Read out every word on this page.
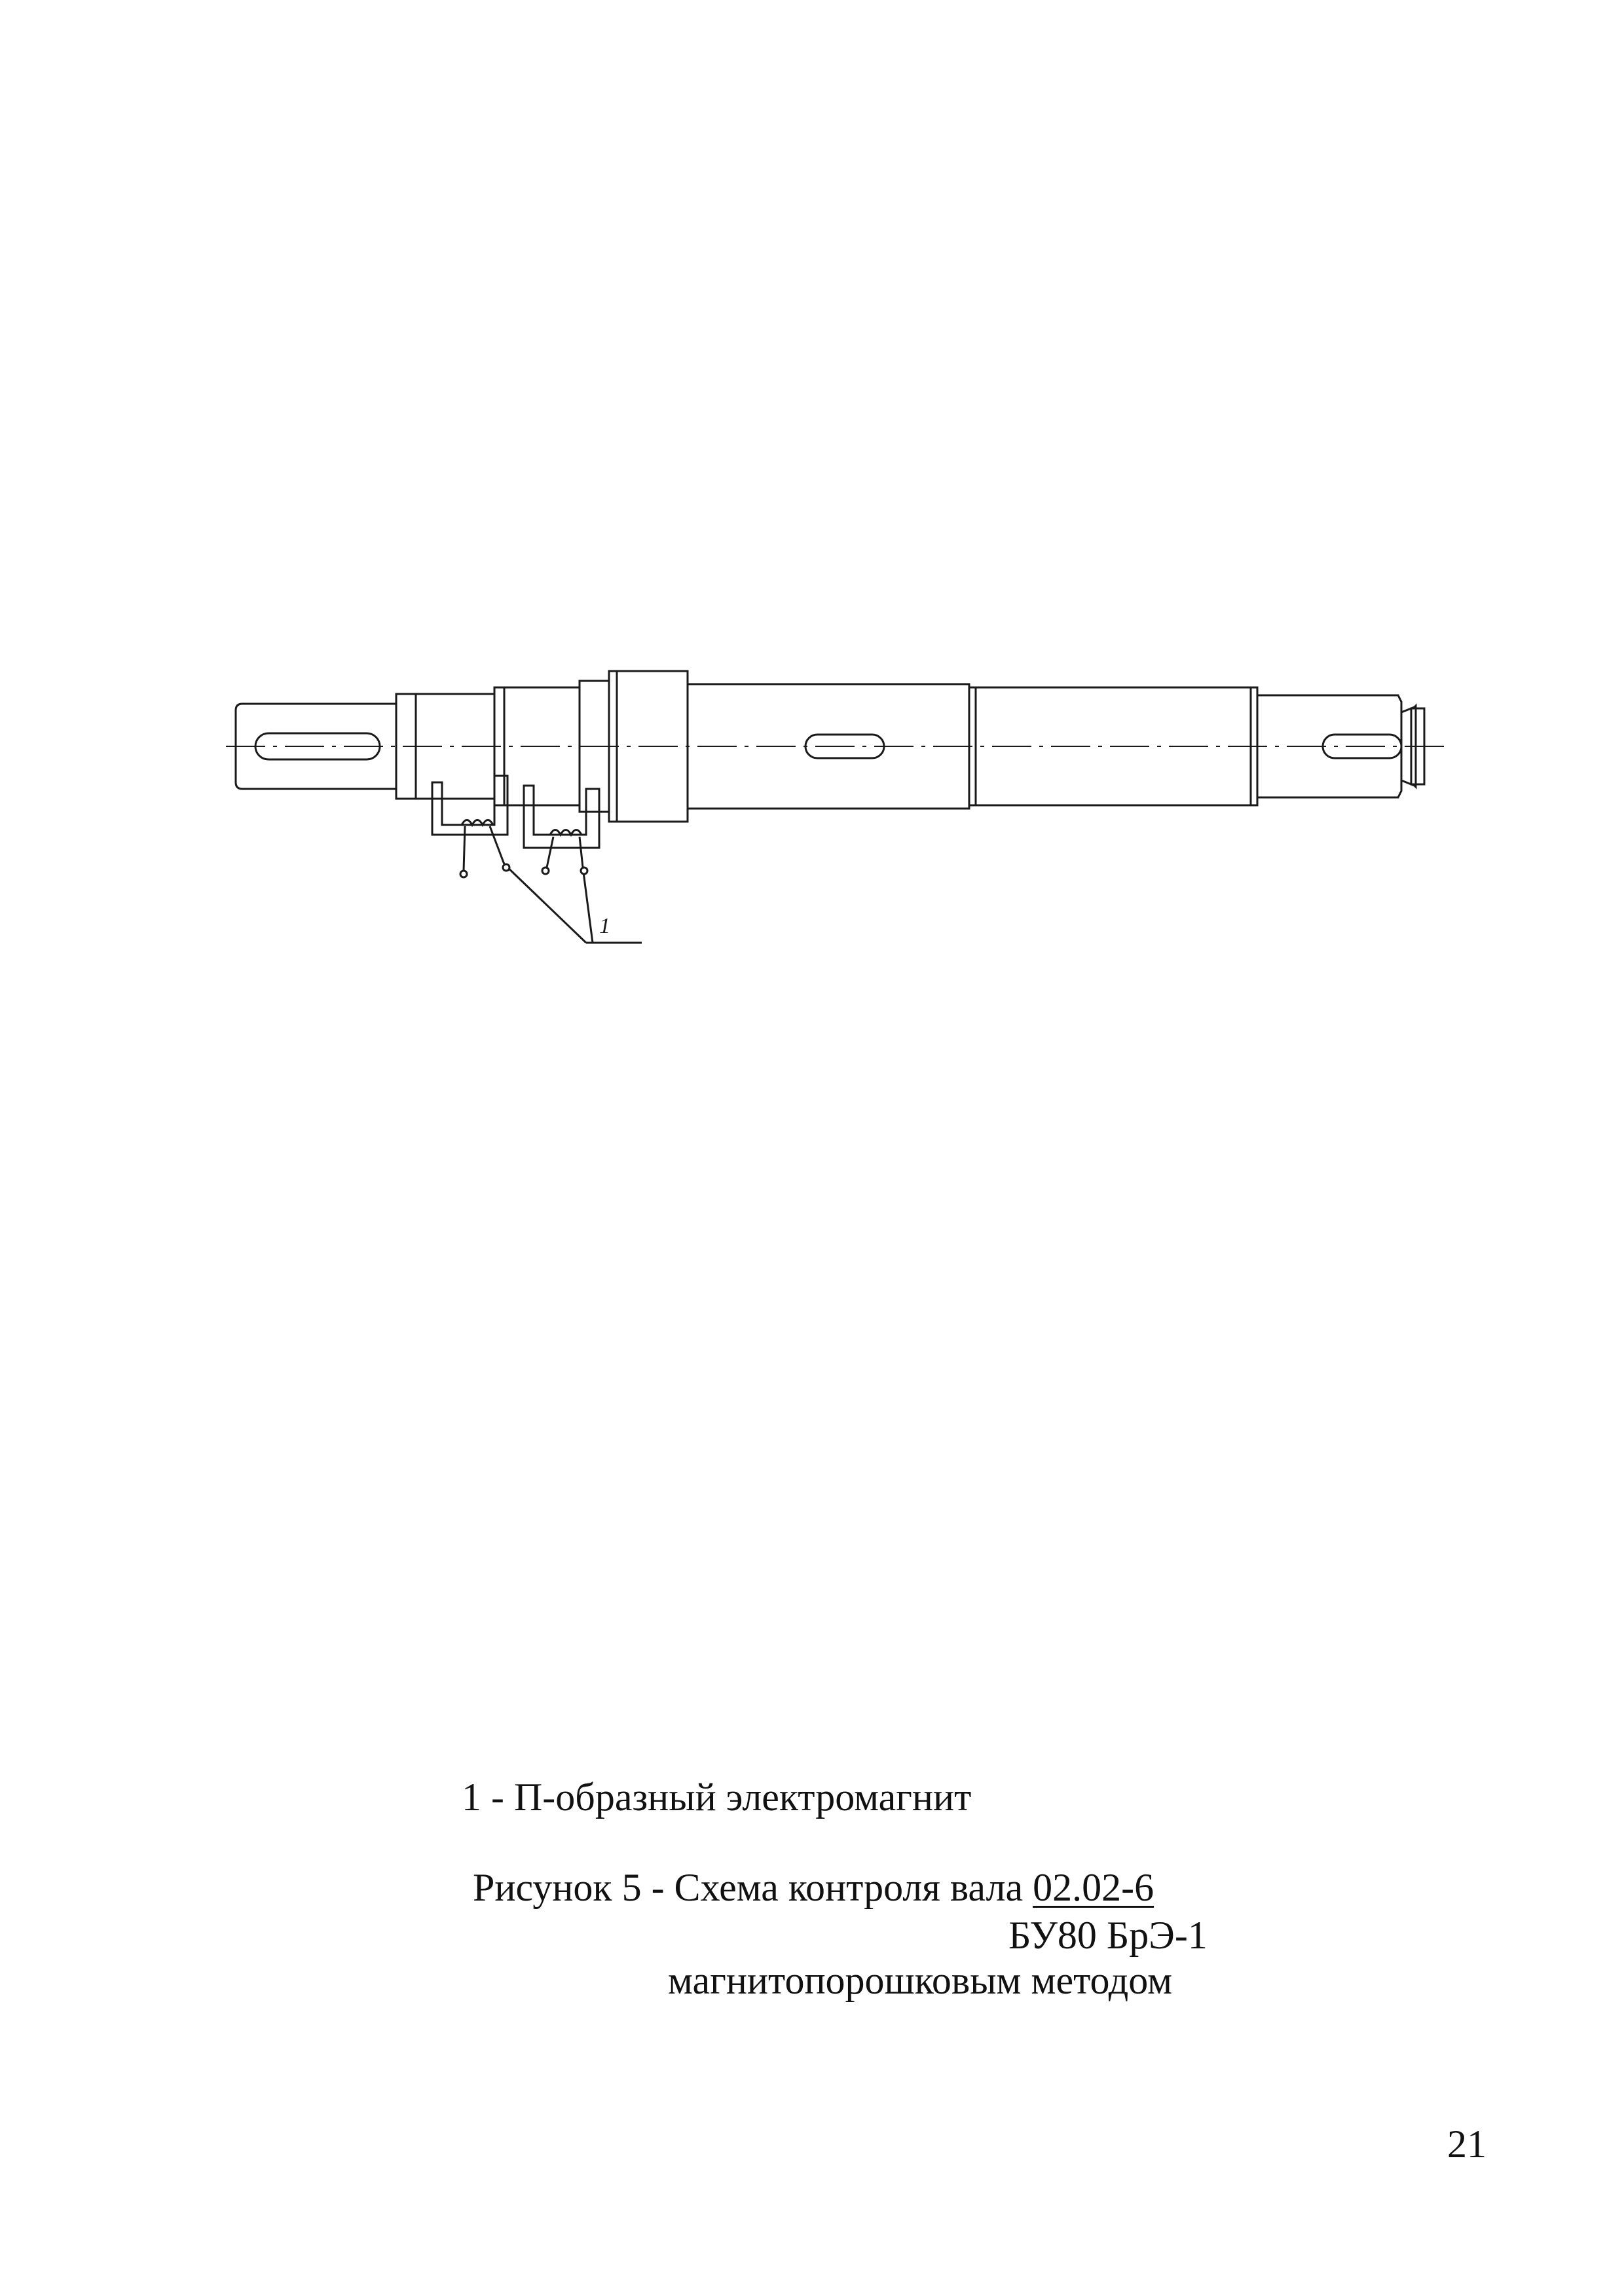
1
1 - П-образный электромагнит
Рисунок 5 - Схема контроля вала 02.02-6
БУ80 БрЭ-1
магнитопорошковым методом
21
